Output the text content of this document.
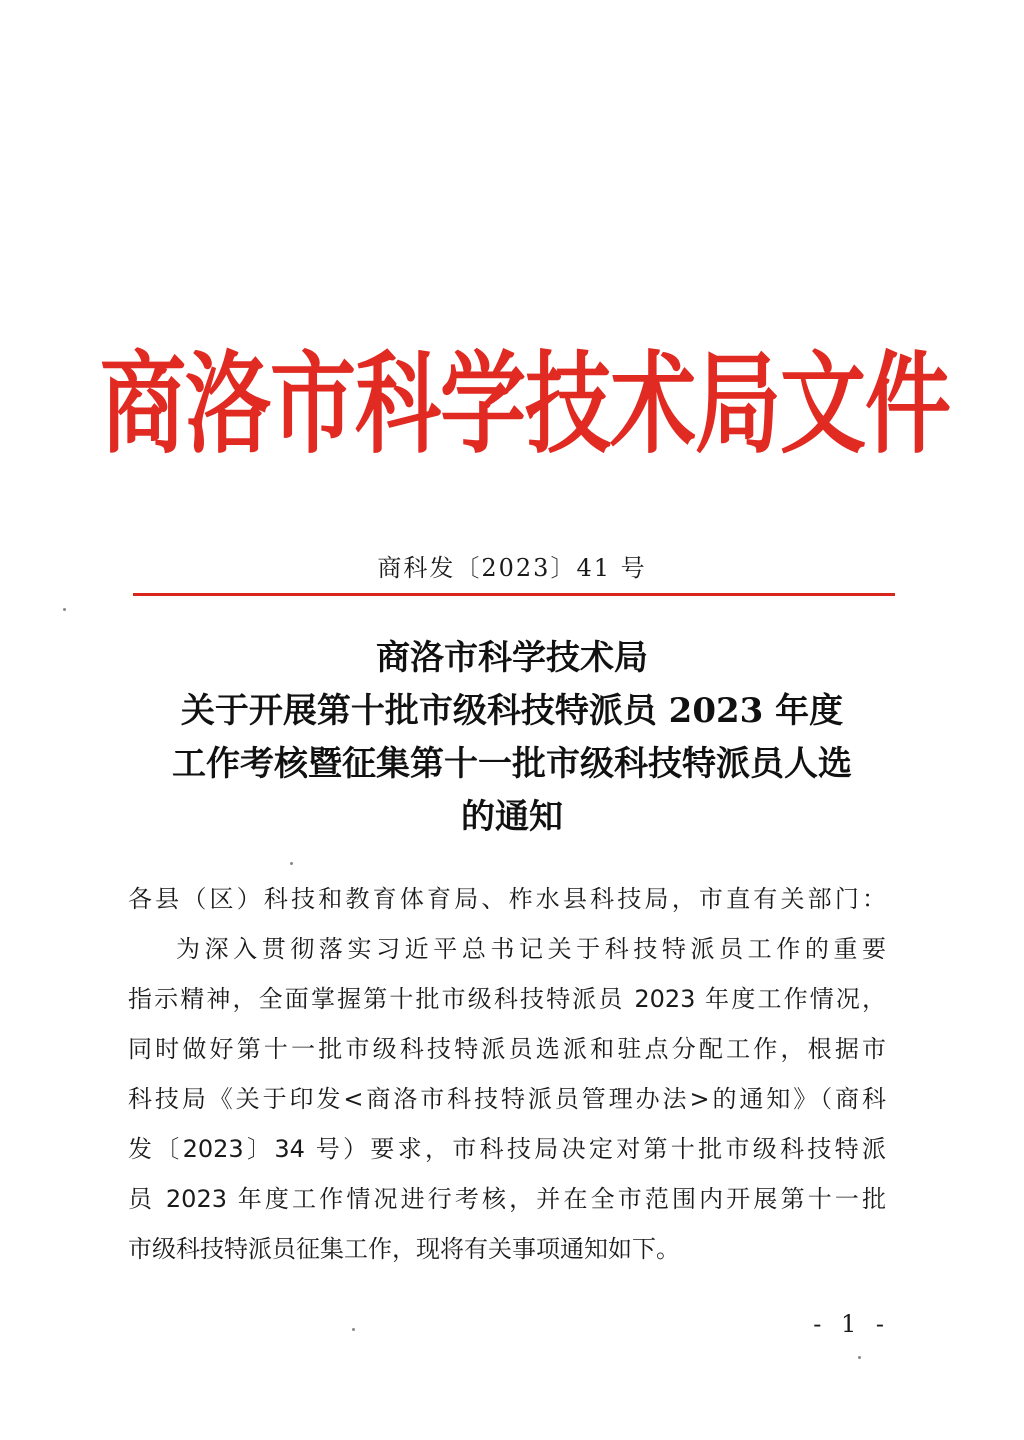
商洛市科学技术局文件
商科发〔2023〕41 号
商洛市科学技术局
关于开展第十批市级科技特派员 2023 年度
工作考核暨征集第十一批市级科技特派员人选
的通知
各县（区）科技和教育体育局、柞水县科技局，市直有关部门：
为深入贯彻落实习近平总书记关于科技特派员工作的重要
指示精神，全面掌握第十批市级科技特派员 2023 年度工作情况，
同时做好第十一批市级科技特派员选派和驻点分配工作，根据市
科技局《关于印发<商洛市科技特派员管理办法>的通知》（商科
发〔2023〕34 号）要求，市科技局决定对第十批市级科技特派
员 2023 年度工作情况进行考核，并在全市范围内开展第十一批
市级科技特派员征集工作，现将有关事项通知如下。
- 1 -
